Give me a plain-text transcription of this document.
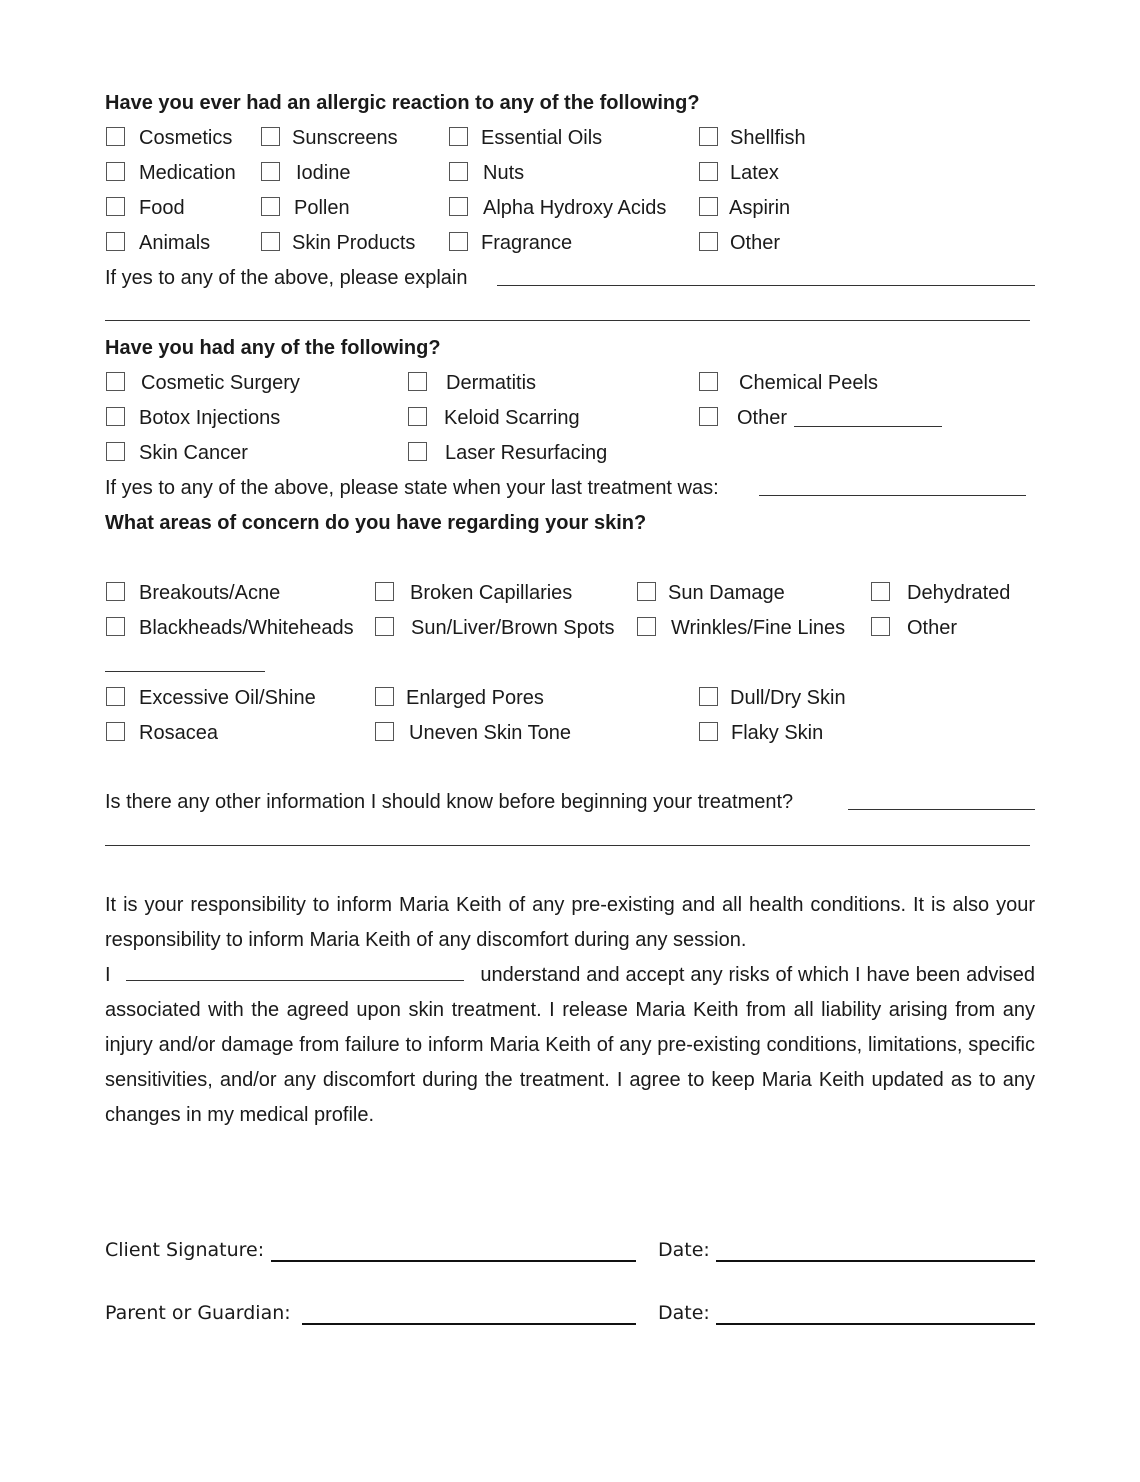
Have you ever had an allergic reaction to any of the following?
Cosmetics	Sunscreens	Essential Oils	Shellfish
Medication	Iodine	Nuts	Latex
Food	Pollen	Alpha Hydroxy Acids	Aspirin
Animals	Skin Products	Fragrance	Other
If yes to any of the above, please explain
Have you had any of the following?
Cosmetic Surgery	Dermatitis	Chemical Peels
Botox Injections	Keloid Scarring	Other
Skin Cancer	Laser Resurfacing
If yes to any of the above, please state when your last treatment was:
What areas of concern do you have regarding your skin?
Breakouts/Acne	Broken Capillaries	Sun Damage	Dehydrated
Blackheads/Whiteheads	Sun/Liver/Brown Spots	Wrinkles/Fine Lines	Other
Excessive Oil/Shine	Enlarged Pores	Dull/Dry Skin
Rosacea	Uneven Skin Tone	Flaky Skin
Is there any other information I should know before beginning your treatment?
It is your responsibility to inform Maria Keith of any pre-existing and all health conditions. It is also your responsibility to inform Maria Keith of any discomfort during any session.
I	understand and accept any risks of which I have been advised associated with the agreed upon skin treatment. I release Maria Keith from all liability arising from any injury and/or damage from failure to inform Maria Keith of any pre-existing conditions, limitations, specific sensitivities, and/or any discomfort during the treatment. I agree to keep Maria Keith updated as to any changes in my medical profile.
Client Signature:	Date:
Parent or Guardian:	Date:
